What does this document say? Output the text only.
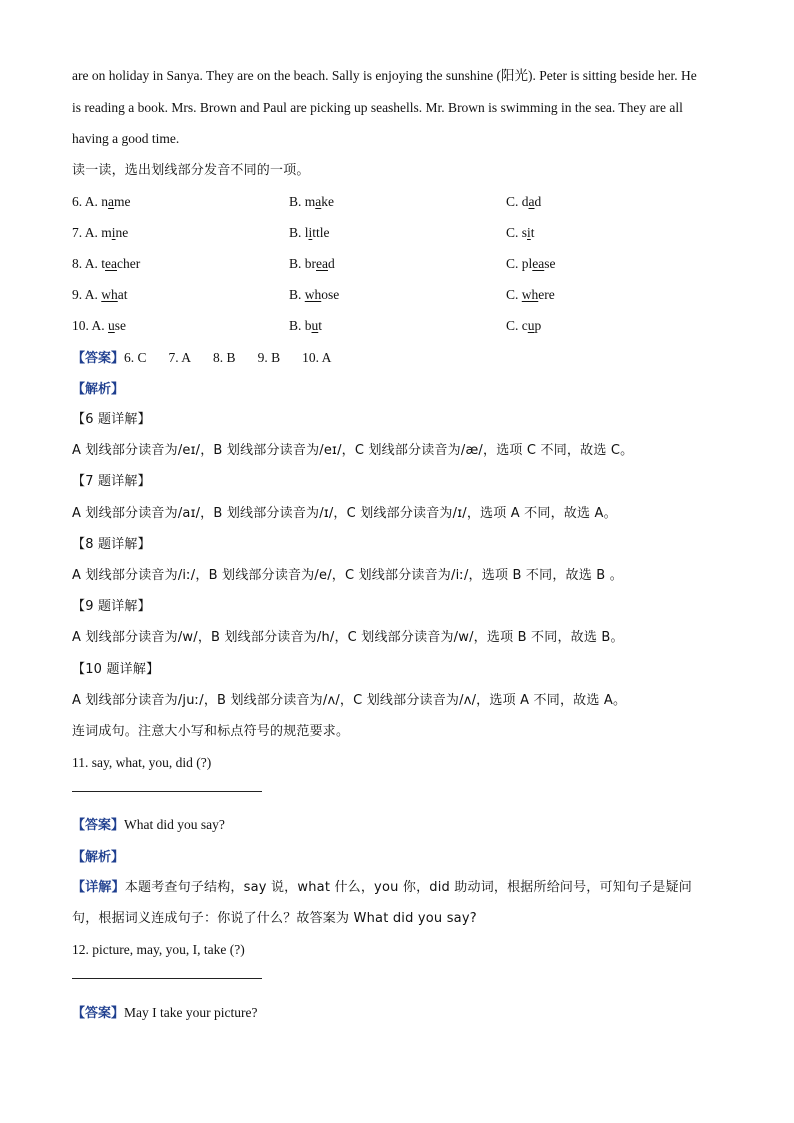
are on holiday in Sanya. They are on the beach. Sally is enjoying the sunshine (阳光). Peter is sitting beside her. He
is reading a book. Mrs. Brown and Paul are picking up seashells. Mr. Brown is swimming in the sea. They are all
having a good time.
读一读，选出划线部分发音不同的一项。
6. A. name	B. make	C. dad
7. A. mine	B. little	C. sit
8. A. teacher	B. bread	C. please
9. A. what	B. whose	C. where
10. A. use	B. but	C. cup
【答案】6. C 7. A 8. B 9. B 10. A
【解析】
【6 题详解】
A 划线部分读音为/eɪ/，B 划线部分读音为/eɪ/，C 划线部分读音为/æ/，选项 C 不同，故选 C。
【7 题详解】
A 划线部分读音为/aɪ/，B 划线部分读音为/ɪ/，C 划线部分读音为/ɪ/，选项 A 不同，故选 A。
【8 题详解】
A 划线部分读音为/iː/，B 划线部分读音为/e/，C 划线部分读音为/iː/，选项 B 不同，故选 B 。
【9 题详解】
A 划线部分读音为/w/，B 划线部分读音为/h/，C 划线部分读音为/w/，选项 B 不同，故选 B。
【10 题详解】
A 划线部分读音为/juː/，B 划线部分读音为/ʌ/，C 划线部分读音为/ʌ/，选项 A 不同，故选 A。
连词成句。注意大小写和标点符号的规范要求。
11. say, what, you, did (?)
【答案】What did you say?
【解析】
【详解】本题考查句子结构，say 说，what 什么，you 你，did 助动词，根据所给问号，可知句子是疑问
句，根据词义连成句子：你说了什么？故答案为 What did you say?
12. picture, may, you, I, take (?)
【答案】May I take your picture?
